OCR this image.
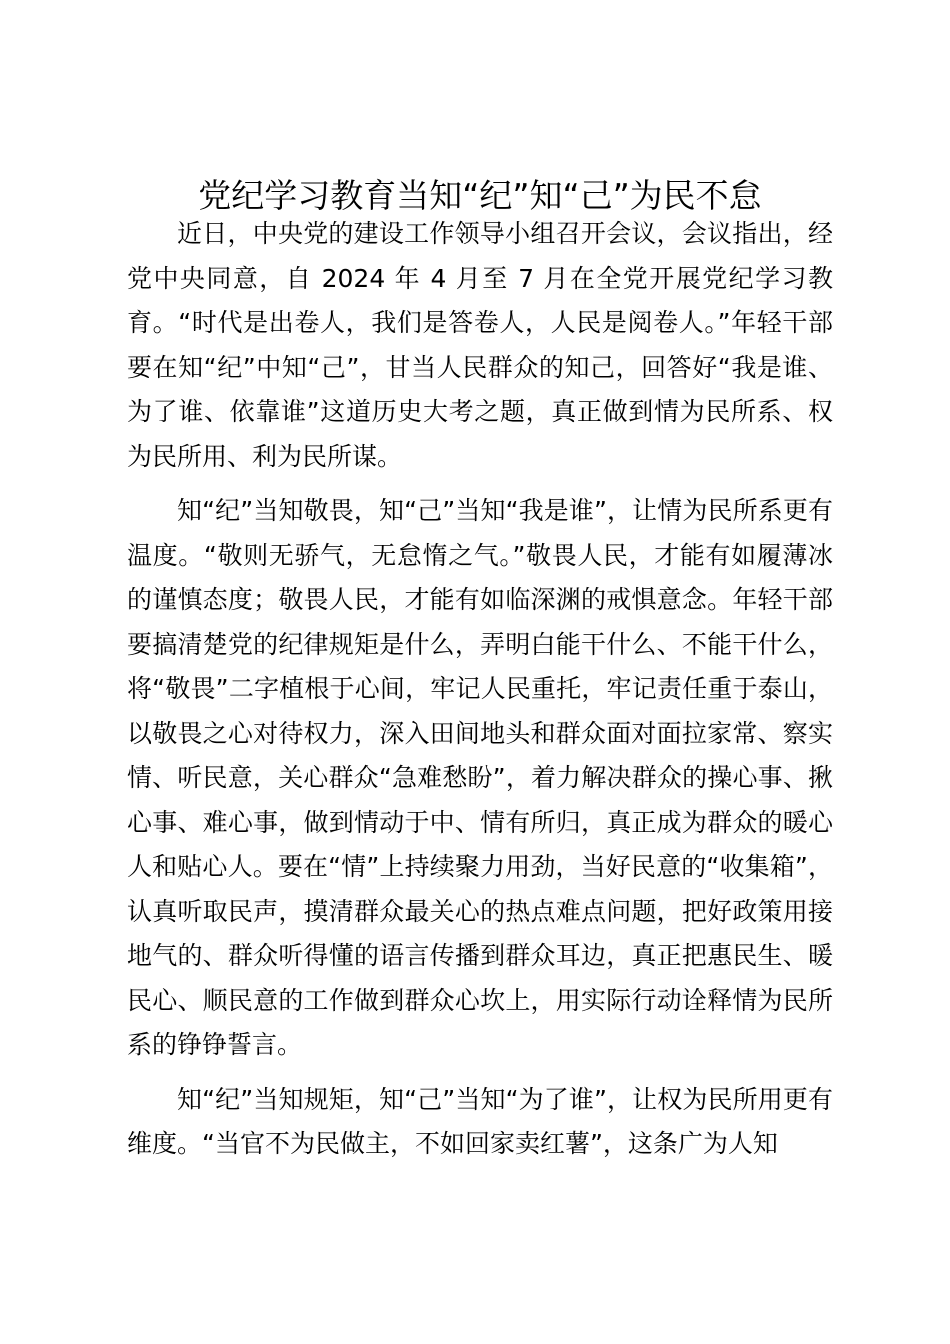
党纪学习教育当知“纪”知“己”为民不怠

近日，中央党的建设工作领导小组召开会议，会议指出，经党中央同意，自 2024 年 4 月至 7 月在全党开展党纪学习教育。“时代是出卷人，我们是答卷人，人民是阅卷人。”年轻干部要在知“纪”中知“己”，甘当人民群众的知己，回答好“我是谁、为了谁、依靠谁”这道历史大考之题，真正做到情为民所系、权为民所用、利为民所谋。

知“纪”当知敬畏，知“己”当知“我是谁”，让情为民所系更有温度。“敬则无骄气，无怠惰之气。”敬畏人民，才能有如履薄冰的谨慎态度；敬畏人民，才能有如临深渊的戒惧意念。年轻干部要搞清楚党的纪律规矩是什么，弄明白能干什么、不能干什么，将“敬畏”二字植根于心间，牢记人民重托，牢记责任重于泰山，以敬畏之心对待权力，深入田间地头和群众面对面拉家常、察实情、听民意，关心群众“急难愁盼”，着力解决群众的操心事、揪心事、难心事，做到情动于中、情有所归，真正成为群众的暖心人和贴心人。要在“情”上持续聚力用劲，当好民意的“收集箱”，认真听取民声，摸清群众最关心的热点难点问题，把好政策用接地气的、群众听得懂的语言传播到群众耳边，真正把惠民生、暖民心、顺民意的工作做到群众心坎上，用实际行动诠释情为民所系的铮铮誓言。

知“纪”当知规矩，知“己”当知“为了谁”，让权为民所用更有维度。“当官不为民做主，不如回家卖红薯”，这条广为人知
